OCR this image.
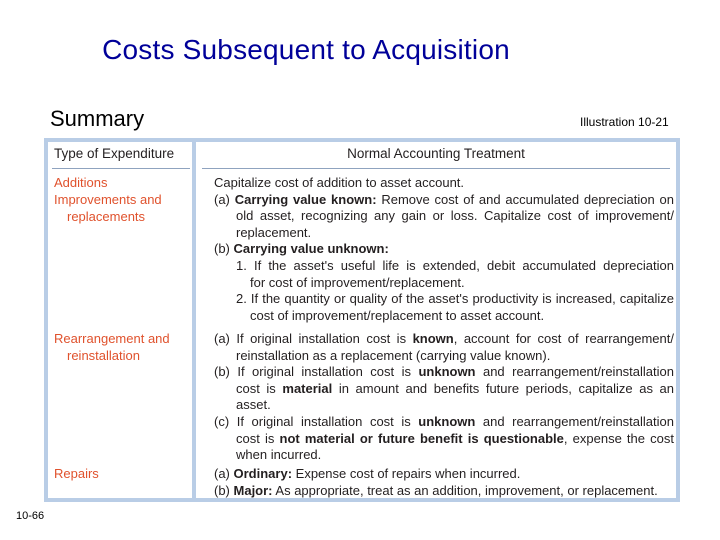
Costs Subsequent to Acquisition
Summary	Illustration 10-21
10-66
Type of Expenditure
Additions
Improvements and
replacements
Rearrangement and
reinstallation
Repairs
Normal Accounting Treatment
Capitalize cost of addition to asset account.
(a) Carrying value known: Remove cost of and accumulated depreciation on
old asset, recognizing any gain or loss. Capitalize cost of improvement/
replacement.
(b) Carrying value unknown:
1. If the asset's useful life is extended, debit accumulated depreciation
for cost of improvement/replacement.
2. If the quantity or quality of the asset's productivity is increased, capitalize
cost of improvement/replacement to asset account.
(a) If original installation cost is known, account for cost of rearrangement/
reinstallation as a replacement (carrying value known).
(b) If original installation cost is unknown and rearrangement/reinstallation
cost is material in amount and benefits future periods, capitalize as an
asset.
(c) If original installation cost is unknown and rearrangement/reinstallation
cost is not material or future benefit is questionable, expense the cost
when incurred.
(a) Ordinary: Expense cost of repairs when incurred.
(b) Major: As appropriate, treat as an addition, improvement, or replacement.
